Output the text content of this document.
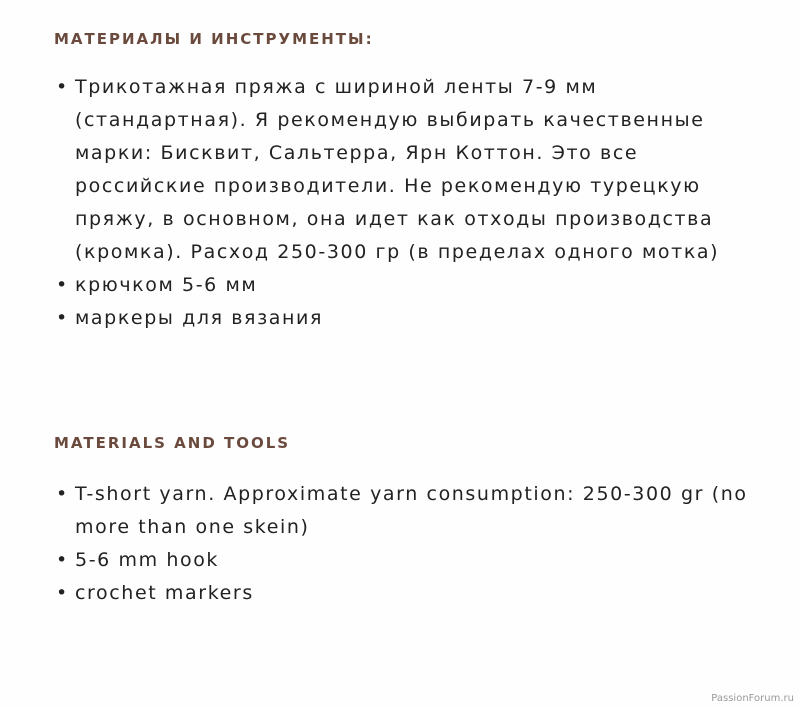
МАТЕРИАЛЫ И ИНСТРУМЕНТЫ:
• Трикотажная пряжа с шириной ленты 7-9 мм (стандартная). Я рекомендую выбирать качественные марки: Бисквит, Сальтерра, Ярн Коттон. Это все российские производители. Не рекомендую турецкую пряжу, в основном, она идет как отходы производства (кромка). Расход 250-300 гр (в пределах одного мотка)
• крючком 5-6 мм
• маркеры для вязания
MATERIALS AND TOOLS
• T-short yarn. Approximate yarn consumption: 250-300 gr (no more than one skein)
• 5-6 mm hook
• crochet markers
PassionForum.ru
